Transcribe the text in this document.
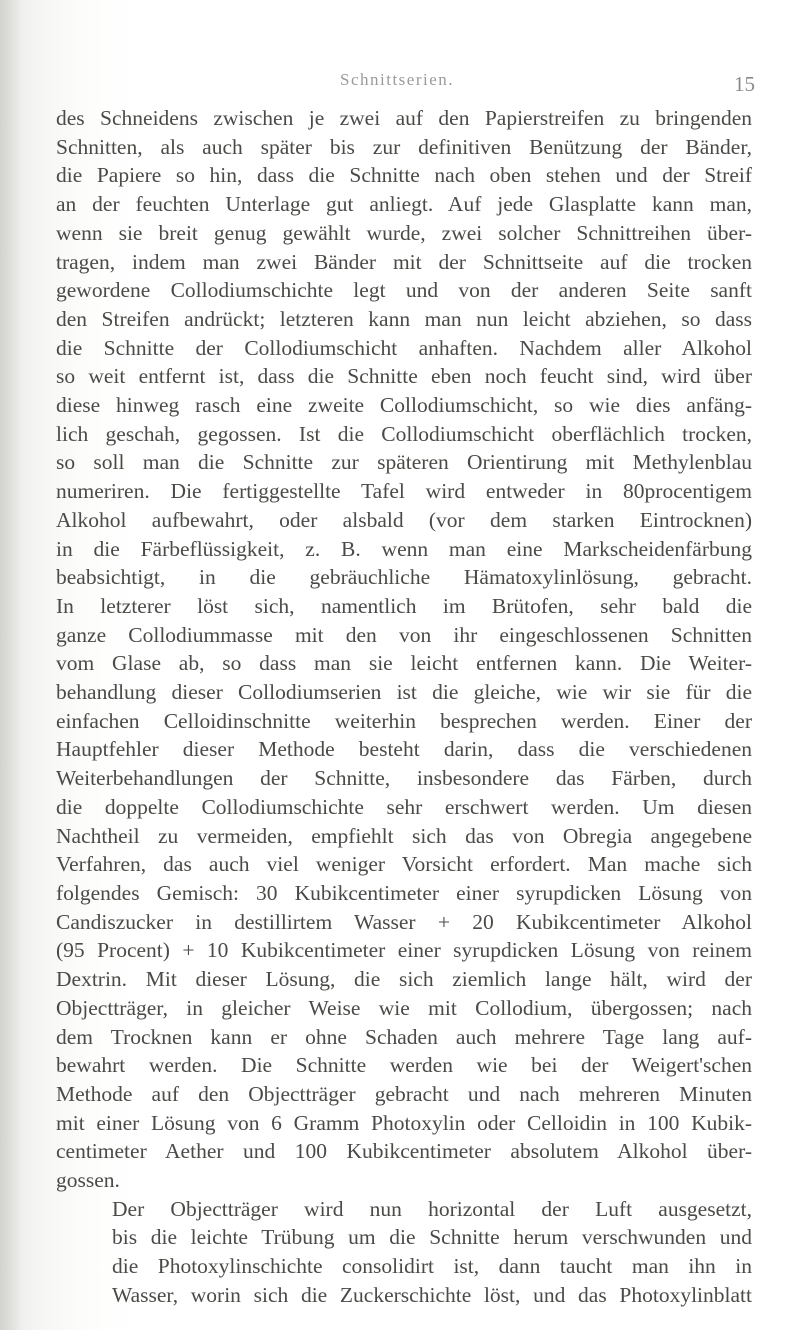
Schnittserien.	15

des Schneidens zwischen je zwei auf den Papierstreifen zu bringenden
Schnitten, als auch später bis zur definitiven Benützung der Bänder,
die Papiere so hin, dass die Schnitte nach oben stehen und der Streif
an der feuchten Unterlage gut anliegt. Auf jede Glasplatte kann man,
wenn sie breit genug gewählt wurde, zwei solcher Schnittreihen über-
tragen, indem man zwei Bänder mit der Schnittseite auf die trocken
gewordene Collodiumschichte legt und von der anderen Seite sanft
den Streifen andrückt; letzteren kann man nun leicht abziehen, so dass
die Schnitte der Collodiumschicht anhaften. Nachdem aller Alkohol
so weit entfernt ist, dass die Schnitte eben noch feucht sind, wird über
diese hinweg rasch eine zweite Collodiumschicht, so wie dies anfäng-
lich geschah, gegossen. Ist die Collodiumschicht oberflächlich trocken,
so soll man die Schnitte zur späteren Orientirung mit Methylenblau
numeriren. Die fertiggestellte Tafel wird entweder in 80procentigem
Alkohol aufbewahrt, oder alsbald (vor dem starken Eintrocknen)
in die Färbeflüssigkeit, z. B. wenn man eine Markscheidenfärbung
beabsichtigt, in die gebräuchliche Hämatoxylinlösung, gebracht.
In letzterer löst sich, namentlich im Brütofen, sehr bald die
ganze Collodiummasse mit den von ihr eingeschlossenen Schnitten
vom Glase ab, so dass man sie leicht entfernen kann. Die Weiter-
behandlung dieser Collodiumserien ist die gleiche, wie wir sie für die
einfachen Celloidinschnitte weiterhin besprechen werden. Einer der
Hauptfehler dieser Methode besteht darin, dass die verschiedenen
Weiterbehandlungen der Schnitte, insbesondere das Färben, durch
die doppelte Collodiumschichte sehr erschwert werden. Um diesen
Nachtheil zu vermeiden, empfiehlt sich das von Obregia angegebene
Verfahren, das auch viel weniger Vorsicht erfordert. Man mache sich
folgendes Gemisch: 30 Kubikcentimeter einer syrupdicken Lösung von
Candiszucker in destillirtem Wasser + 20 Kubikcentimeter Alkohol
(95 Procent) + 10 Kubikcentimeter einer syrupdicken Lösung von reinem
Dextrin. Mit dieser Lösung, die sich ziemlich lange hält, wird der
Objectträger, in gleicher Weise wie mit Collodium, übergossen; nach
dem Trocknen kann er ohne Schaden auch mehrere Tage lang auf-
bewahrt werden. Die Schnitte werden wie bei der Weigert'schen
Methode auf den Objectträger gebracht und nach mehreren Minuten
mit einer Lösung von 6 Gramm Photoxylin oder Celloidin in 100 Kubik-
centimeter Aether und 100 Kubikcentimeter absolutem Alkohol über-
gossen.

Der Objectträger wird nun horizontal der Luft ausgesetzt,
bis die leichte Trübung um die Schnitte herum verschwunden und
die Photoxylinschichte consolidirt ist, dann taucht man ihn in
Wasser, worin sich die Zuckerschichte löst, und das Photoxylinblatt
